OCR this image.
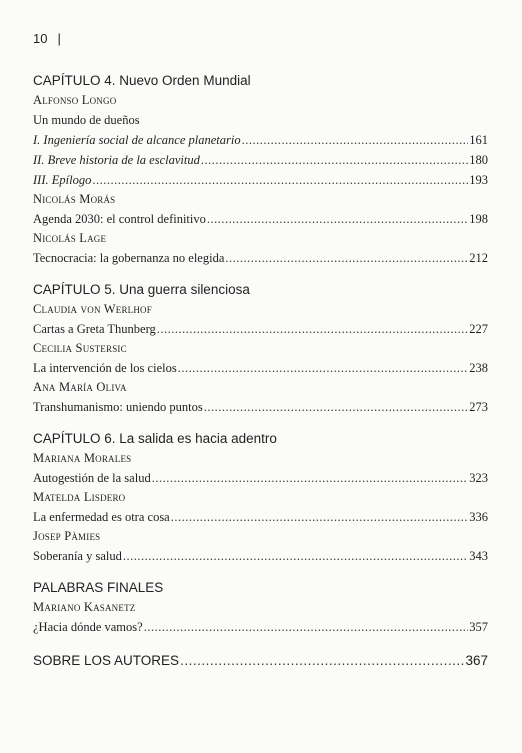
10 |
CAPÍTULO 4. Nuevo Orden Mundial
Alfonso Longo
Un mundo de dueños
I. Ingeniería social de alcance planetario .....	161
II. Breve historia de la esclavitud .....	180
III. Epílogo .....	193
Nicolás Morás
Agenda 2030: el control definitivo .....	198
Nicolás Lage
Tecnocracia: la gobernanza no elegida .....	212
CAPÍTULO 5. Una guerra silenciosa
Claudia von Werlhof
Cartas a Greta Thunberg .....	227
Cecilia Sustersic
La intervención de los cielos .....	238
Ana María Oliva
Transhumanismo: uniendo puntos .....	273
CAPÍTULO 6. La salida es hacia adentro
Mariana Morales
Autogestión de la salud .....	323
Matelda Lisdero
La enfermedad es otra cosa .....	336
Josep Pàmies
Soberanía y salud .....	343
PALABRAS FINALES
Mariano Kasanetz
¿Hacia dónde vamos? .....	357
SOBRE LOS AUTORES .....	367
